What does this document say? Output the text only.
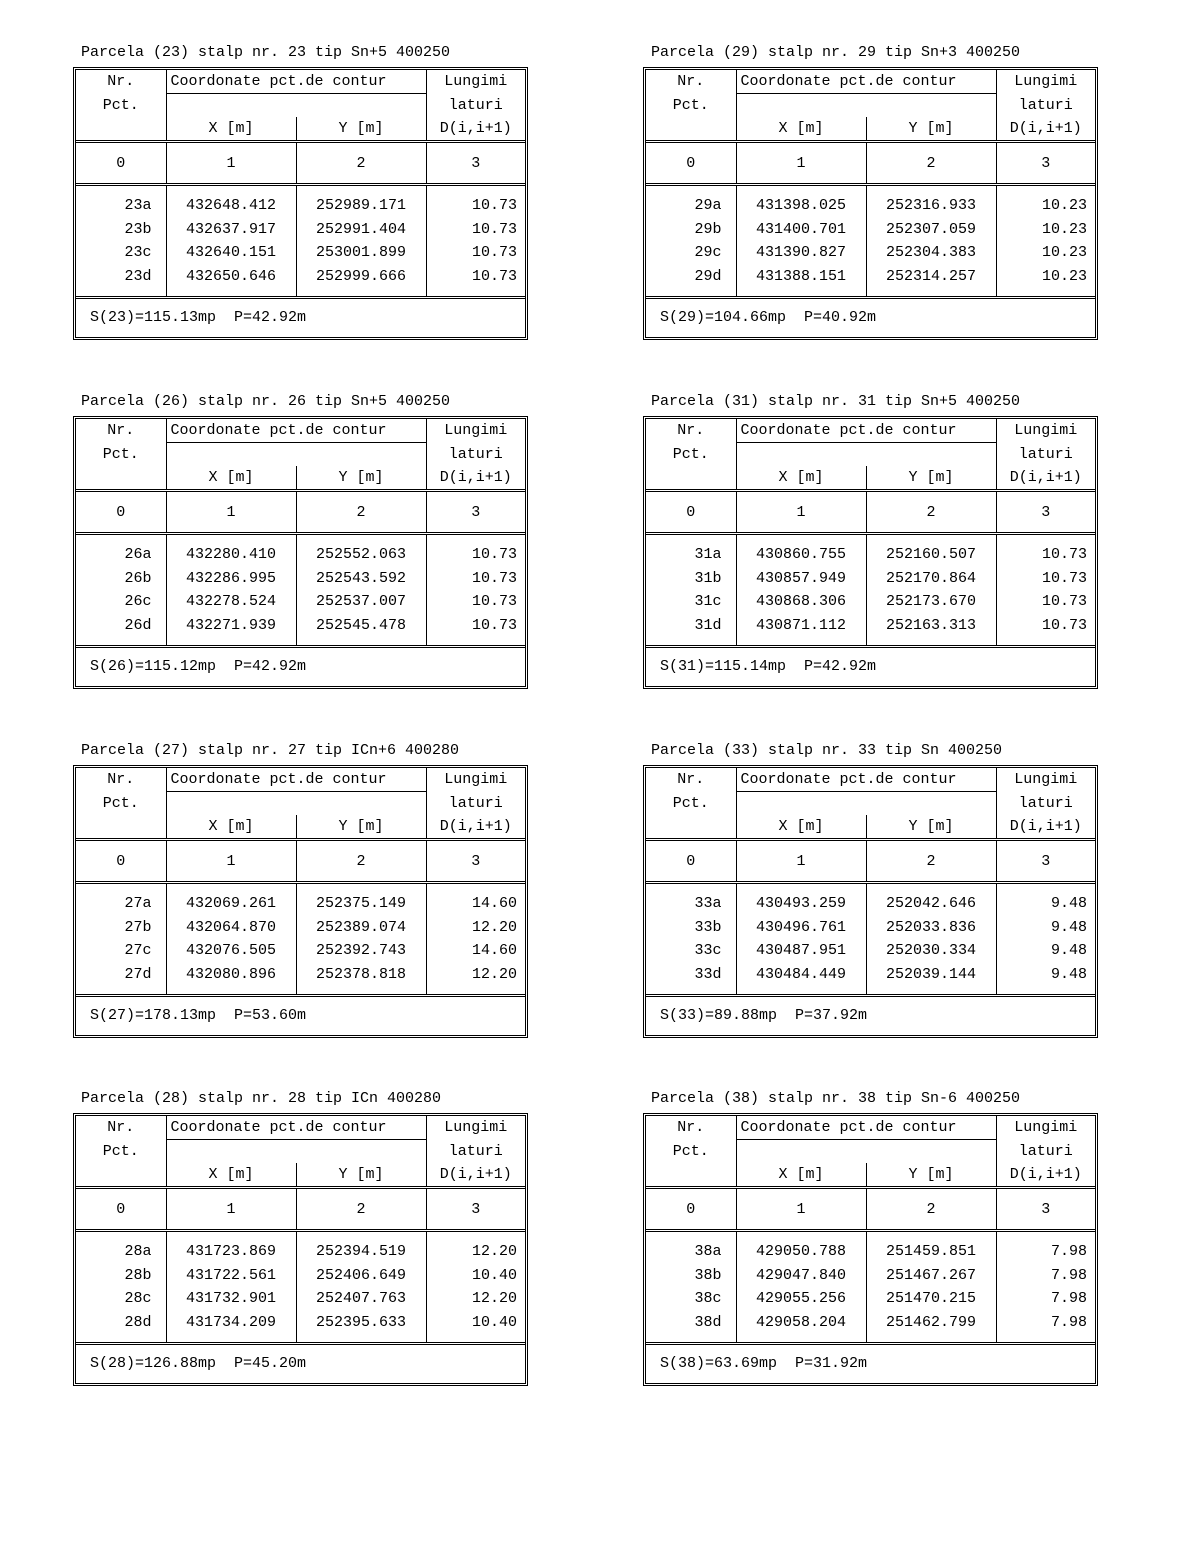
Parcela (23) stalp nr. 23 tip Sn+5 400250
Nr.	Coordonate pct.de contur		Lungimi
Pct.			laturi
	X [m]	Y [m]	D(i,i+1)
0	1	2	3

23a	432648.412	252989.171	10.73
23b	432637.917	252991.404	10.73
23c	432640.151	253001.899	10.73
23d	432650.646	252999.666	10.73

S(23)=115.13mp  P=42.92m
Parcela (29) stalp nr. 29 tip Sn+3 400250
Nr.	Coordonate pct.de contur		Lungimi
Pct.			laturi
	X [m]	Y [m]	D(i,i+1)
0	1	2	3

29a	431398.025	252316.933	10.23
29b	431400.701	252307.059	10.23
29c	431390.827	252304.383	10.23
29d	431388.151	252314.257	10.23

S(29)=104.66mp  P=40.92m
Parcela (26) stalp nr. 26 tip Sn+5 400250
Nr.	Coordonate pct.de contur		Lungimi
Pct.			laturi
	X [m]	Y [m]	D(i,i+1)
0	1	2	3

26a	432280.410	252552.063	10.73
26b	432286.995	252543.592	10.73
26c	432278.524	252537.007	10.73
26d	432271.939	252545.478	10.73

S(26)=115.12mp  P=42.92m
Parcela (31) stalp nr. 31 tip Sn+5 400250
Nr.	Coordonate pct.de contur		Lungimi
Pct.			laturi
	X [m]	Y [m]	D(i,i+1)
0	1	2	3

31a	430860.755	252160.507	10.73
31b	430857.949	252170.864	10.73
31c	430868.306	252173.670	10.73
31d	430871.112	252163.313	10.73

S(31)=115.14mp  P=42.92m
Parcela (27) stalp nr. 27 tip ICn+6 400280
Nr.	Coordonate pct.de contur		Lungimi
Pct.			laturi
	X [m]	Y [m]	D(i,i+1)
0	1	2	3

27a	432069.261	252375.149	14.60
27b	432064.870	252389.074	12.20
27c	432076.505	252392.743	14.60
27d	432080.896	252378.818	12.20

S(27)=178.13mp  P=53.60m
Parcela (33) stalp nr. 33 tip Sn 400250
Nr.	Coordonate pct.de contur		Lungimi
Pct.			laturi
	X [m]	Y [m]	D(i,i+1)
0	1	2	3

33a	430493.259	252042.646	9.48
33b	430496.761	252033.836	9.48
33c	430487.951	252030.334	9.48
33d	430484.449	252039.144	9.48

S(33)=89.88mp  P=37.92m
Parcela (28) stalp nr. 28 tip ICn 400280
Nr.	Coordonate pct.de contur		Lungimi
Pct.			laturi
	X [m]	Y [m]	D(i,i+1)
0	1	2	3

28a	431723.869	252394.519	12.20
28b	431722.561	252406.649	10.40
28c	431732.901	252407.763	12.20
28d	431734.209	252395.633	10.40

S(28)=126.88mp  P=45.20m
Parcela (38) stalp nr. 38 tip Sn-6 400250
Nr.	Coordonate pct.de contur		Lungimi
Pct.			laturi
	X [m]	Y [m]	D(i,i+1)
0	1	2	3

38a	429050.788	251459.851	7.98
38b	429047.840	251467.267	7.98
38c	429055.256	251470.215	7.98
38d	429058.204	251462.799	7.98

S(38)=63.69mp  P=31.92m
